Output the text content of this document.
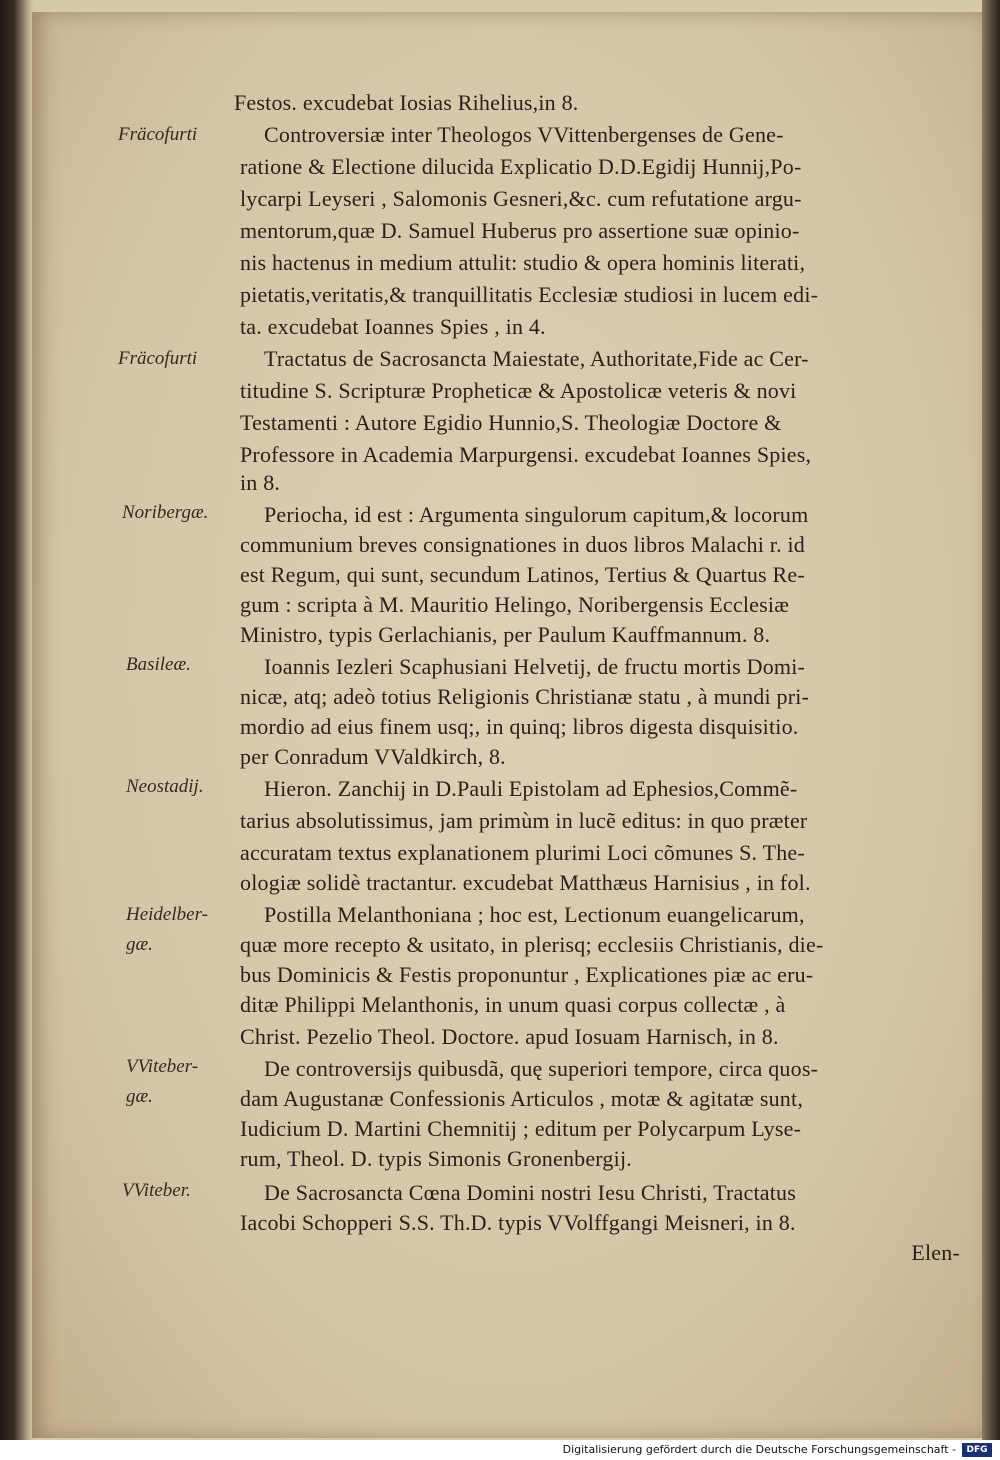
Festos. excudebat Iosias Rihelius,in 8.
Controversiæ inter Theologos VVittenbergenses de Gene-
ratione & Electione dilucida Explicatio D.D.Egidij Hunnij,Po-
lycarpi Leyseri , Salomonis Gesneri,&c. cum refutatione argu-
mentorum,quæ D. Samuel Huberus pro assertione suæ opinio-
nis hactenus in medium attulit: studio & opera hominis literati,
pietatis,veritatis,& tranquillitatis Ecclesiæ studiosi in lucem edi-
ta. excudebat Ioannes Spies , in 4.
Tractatus de Sacrosancta Maiestate, Authoritate,Fide ac Cer-
titudine S. Scripturæ Propheticæ & Apostolicæ veteris & novi
Testamenti : Autore Egidio Hunnio,S. Theologiæ Doctore &
Professore in Academia Marpurgensi. excudebat Ioannes Spies,
in 8.
Periocha, id est : Argumenta singulorum capitum,& locorum
communium breves consignationes in duos libros Malachi r. id
est Regum, qui sunt, secundum Latinos, Tertius & Quartus Re-
gum : scripta à M. Mauritio Helingo, Noribergensis Ecclesiæ
Ministro, typis Gerlachianis, per Paulum Kauffmannum. 8.
Ioannis Iezleri Scaphusiani Helvetij, de fructu mortis Domi-
nicæ, atq; adeò totius Religionis Christianæ statu , à mundi pri-
mordio ad eius finem usq;, in quinq; libros digesta disquisitio.
per Conradum VValdkirch, 8.
Hieron. Zanchij in D.Pauli Epistolam ad Ephesios,Commẽ-
tarius absolutissimus, jam primùm in lucẽ editus: in quo præter
accuratam textus explanationem plurimi Loci cõmunes S. The-
ologiæ solidè tractantur. excudebat Matthæus Harnisius , in fol.
Postilla Melanthoniana ; hoc est, Lectionum euangelicarum,
quæ more recepto & usitato, in plerisq; ecclesiis Christianis, die-
bus Dominicis & Festis proponuntur , Explicationes piæ ac eru-
ditæ Philippi Melanthonis, in unum quasi corpus collectæ , à
Christ. Pezelio Theol. Doctore. apud Iosuam Harnisch, in 8.
De controversijs quibusdã, quę superiori tempore, circa quos-
dam Augustanæ Confessionis Articulos , motæ & agitatæ sunt,
Iudicium D. Martini Chemnitij ; editum per Polycarpum Lyse-
rum, Theol. D. typis Simonis Gronenbergij.
De Sacrosancta Cœna Domini nostri Iesu Christi, Tractatus
Iacobi Schopperi S.S. Th.D. typis VVolffgangi Meisneri, in 8.
Elen-
Fräcofurti
Fräcofurti
Noribergæ.
Basileæ.
Neostadij.
Heidelber-
gæ.
VViteber-
gæ.
VViteber.
Digitalisierung gefördert durch die Deutsche Forschungsgemeinschaft -	DFG
